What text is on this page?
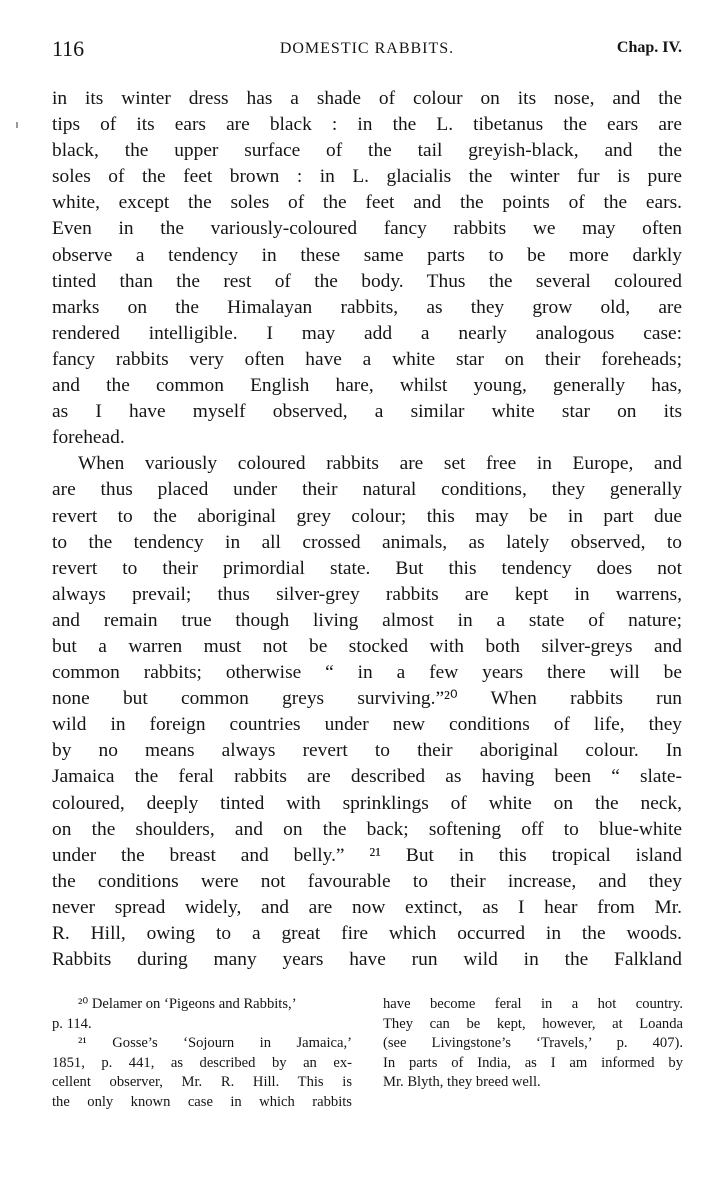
116	DOMESTIC RABBITS.	Chap. IV.
in its winter dress has a shade of colour on its nose, and the
tips of its ears are black : in the L. tibetanus the ears are
black, the upper surface of the tail greyish-black, and the
soles of the feet brown : in L. glacialis the winter fur is pure
white, except the soles of the feet and the points of the ears.
Even in the variously-coloured fancy rabbits we may often
observe a tendency in these same parts to be more darkly
tinted than the rest of the body. Thus the several coloured
marks on the Himalayan rabbits, as they grow old, are
rendered intelligible. I may add a nearly analogous case:
fancy rabbits very often have a white star on their foreheads;
and the common English hare, whilst young, generally has,
as I have myself observed, a similar white star on its
forehead.
When variously coloured rabbits are set free in Europe, and
are thus placed under their natural conditions, they generally
revert to the aboriginal grey colour; this may be in part due
to the tendency in all crossed animals, as lately observed, to
revert to their primordial state. But this tendency does not
always prevail; thus silver-grey rabbits are kept in warrens,
and remain true though living almost in a state of nature;
but a warren must not be stocked with both silver-greys and
common rabbits; otherwise “ in a few years there will be
none but common greys surviving.”²⁰ When rabbits run
wild in foreign countries under new conditions of life, they
by no means always revert to their aboriginal colour. In
Jamaica the feral rabbits are described as having been “ slate-
coloured, deeply tinted with sprinklings of white on the neck,
on the shoulders, and on the back; softening off to blue-white
under the breast and belly.” ²¹ But in this tropical island
the conditions were not favourable to their increase, and they
never spread widely, and are now extinct, as I hear from Mr.
R. Hill, owing to a great fire which occurred in the woods.
Rabbits during many years have run wild in the Falkland
²⁰ Delamer on ‘Pigeons and Rabbits,’
p. 114.
²¹ Gosse’s ‘Sojourn in Jamaica,’
1851, p. 441, as described by an ex-
cellent observer, Mr. R. Hill. This is
the only known case in which rabbits
have become feral in a hot country.
They can be kept, however, at Loanda
(see Livingstone’s ‘Travels,’ p. 407).
In parts of India, as I am informed by
Mr. Blyth, they breed well.
